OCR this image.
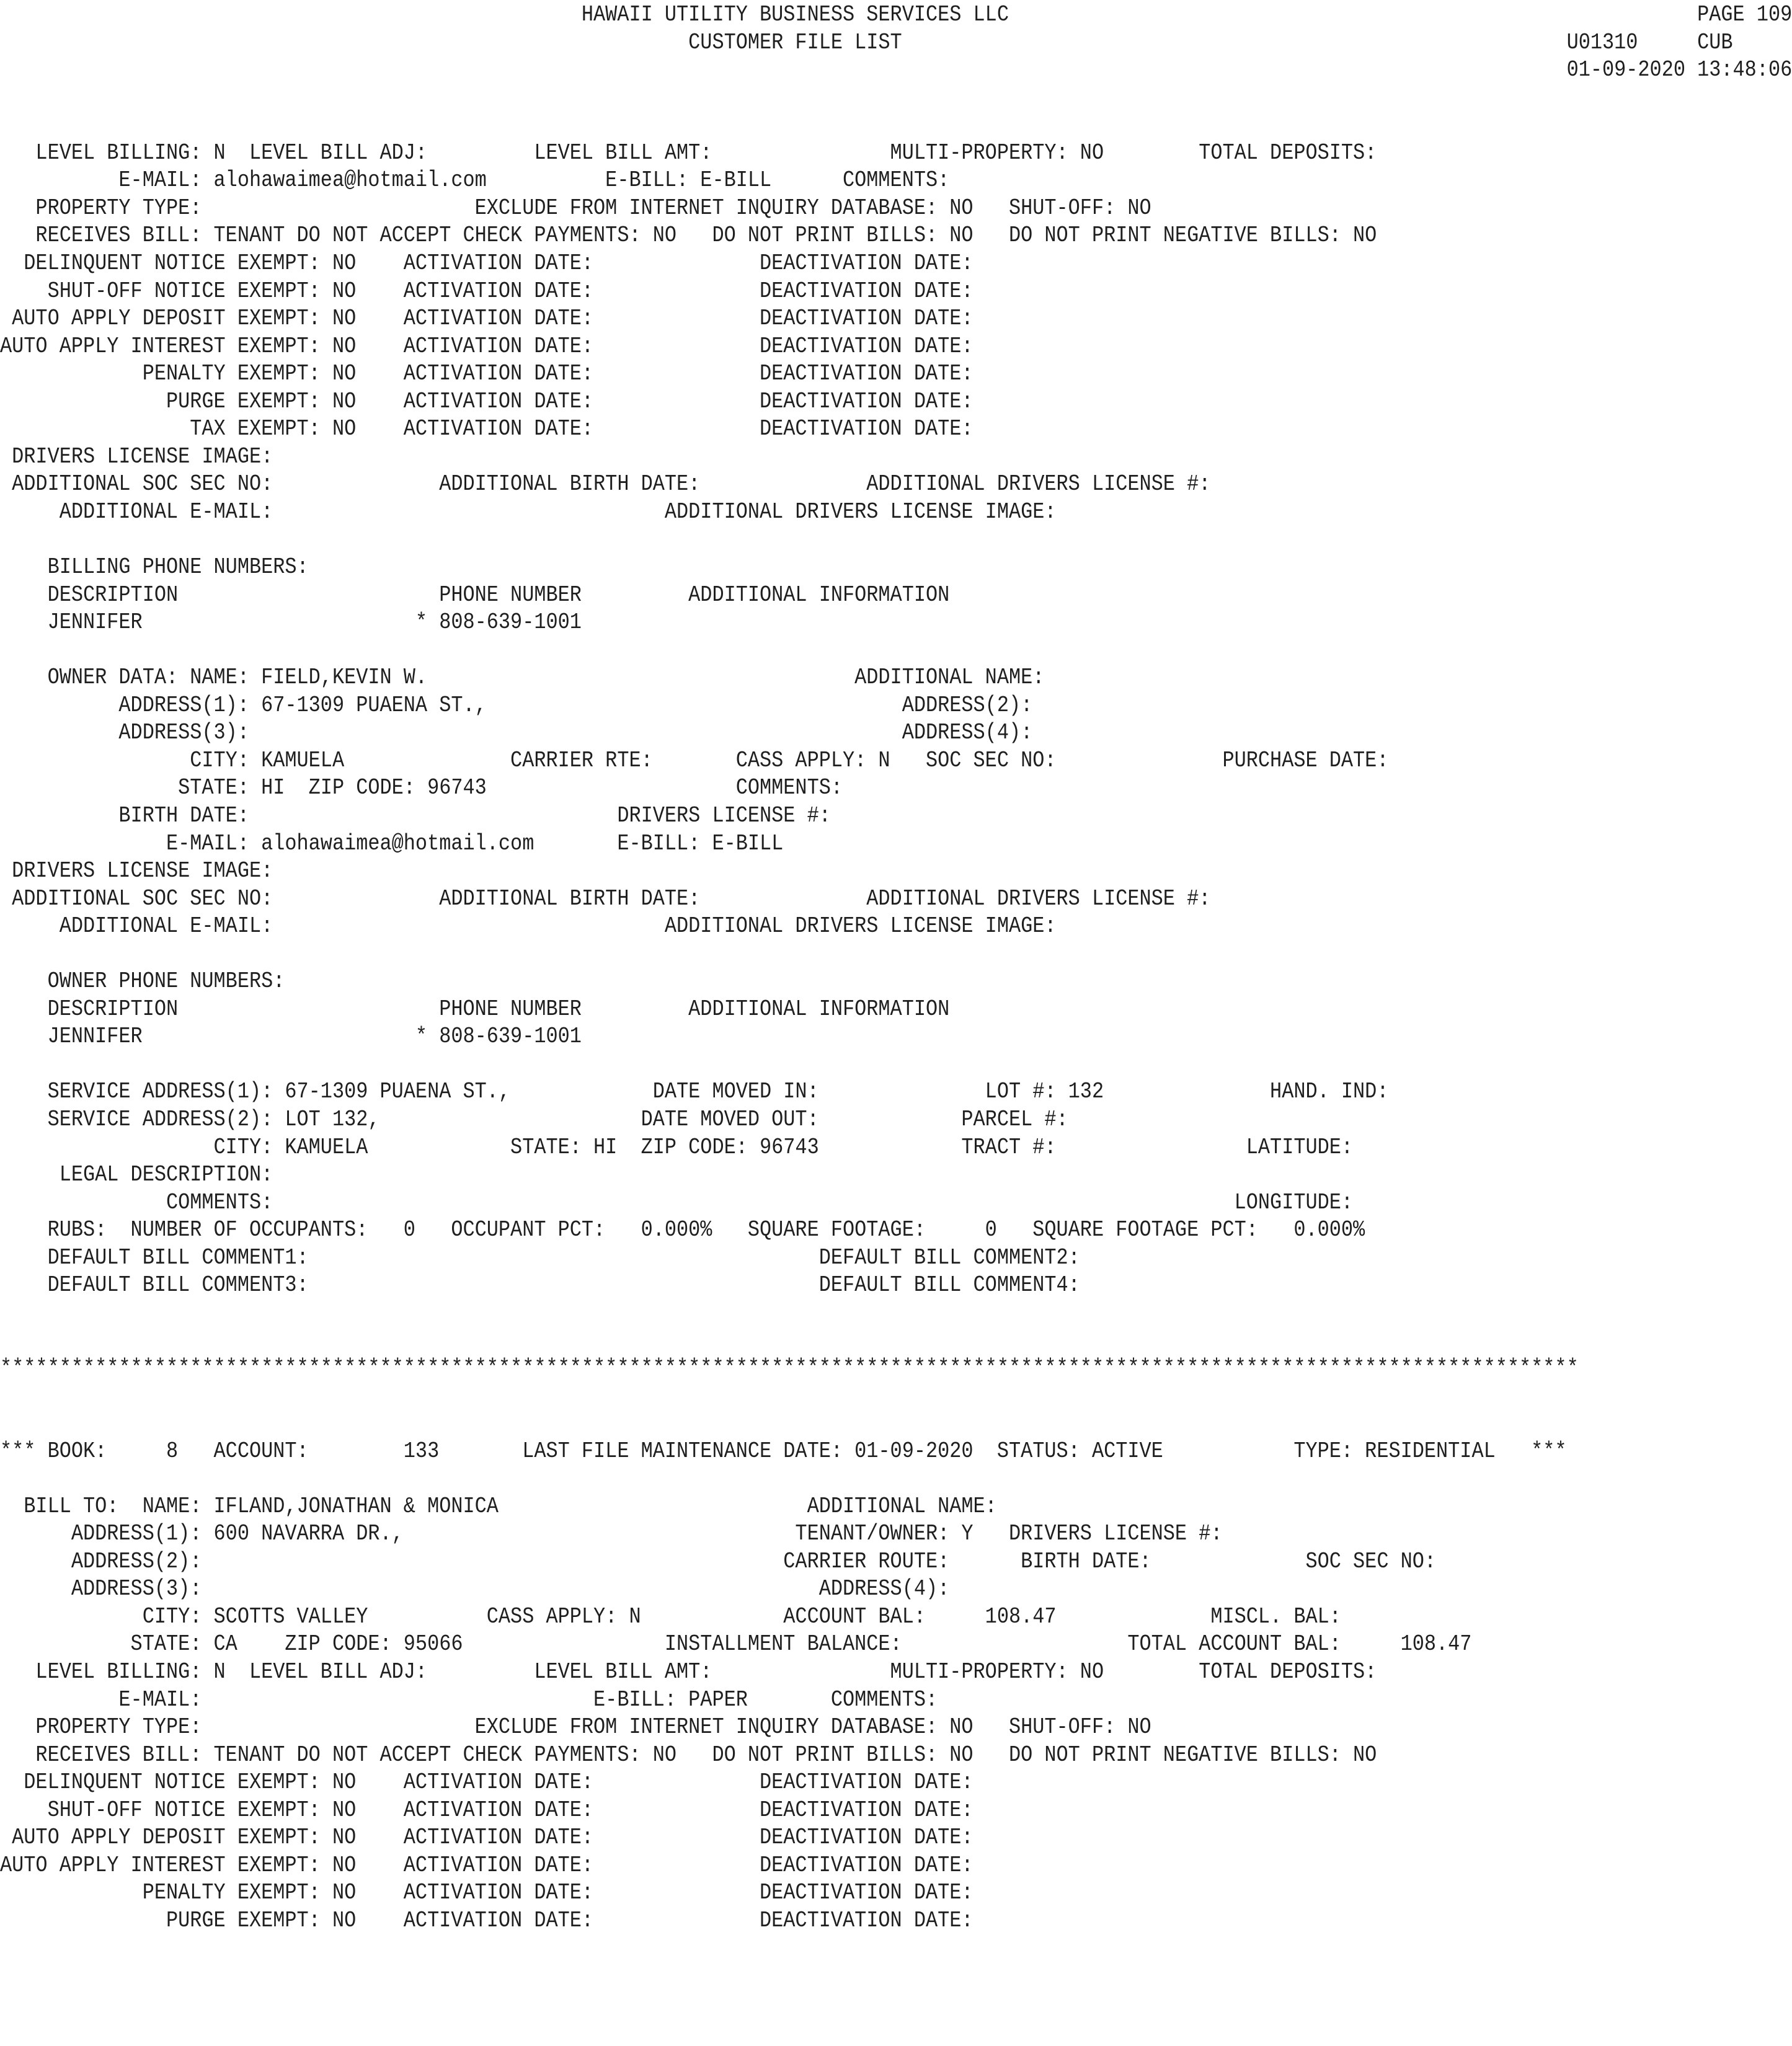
HAWAII UTILITY BUSINESS SERVICES LLC                                                          PAGE 109
CUSTOMER FILE LIST                                                        U01310     CUB
01-09-2020 13:48:06
LEVEL BILLING: N  LEVEL BILL ADJ:         LEVEL BILL AMT:               MULTI-PROPERTY: NO        TOTAL DEPOSITS:
E-MAIL: alohawaimea@hotmail.com          E-BILL: E-BILL      COMMENTS:
PROPERTY TYPE:                       EXCLUDE FROM INTERNET INQUIRY DATABASE: NO   SHUT-OFF: NO
RECEIVES BILL: TENANT DO NOT ACCEPT CHECK PAYMENTS: NO   DO NOT PRINT BILLS: NO   DO NOT PRINT NEGATIVE BILLS: NO
DELINQUENT NOTICE EXEMPT: NO    ACTIVATION DATE:              DEACTIVATION DATE:
SHUT-OFF NOTICE EXEMPT: NO    ACTIVATION DATE:              DEACTIVATION DATE:
AUTO APPLY DEPOSIT EXEMPT: NO    ACTIVATION DATE:              DEACTIVATION DATE:
AUTO APPLY INTEREST EXEMPT: NO    ACTIVATION DATE:              DEACTIVATION DATE:
PENALTY EXEMPT: NO    ACTIVATION DATE:              DEACTIVATION DATE:
PURGE EXEMPT: NO    ACTIVATION DATE:              DEACTIVATION DATE:
TAX EXEMPT: NO    ACTIVATION DATE:              DEACTIVATION DATE:
DRIVERS LICENSE IMAGE:
ADDITIONAL SOC SEC NO:              ADDITIONAL BIRTH DATE:              ADDITIONAL DRIVERS LICENSE #:
ADDITIONAL E-MAIL:                                 ADDITIONAL DRIVERS LICENSE IMAGE:
BILLING PHONE NUMBERS:
DESCRIPTION                      PHONE NUMBER         ADDITIONAL INFORMATION
JENNIFER                       * 808-639-1001
OWNER DATA: NAME: FIELD,KEVIN W.                                    ADDITIONAL NAME:
ADDRESS(1): 67-1309 PUAENA ST.,                                   ADDRESS(2):
ADDRESS(3):                                                       ADDRESS(4):
CITY: KAMUELA              CARRIER RTE:       CASS APPLY: N   SOC SEC NO:              PURCHASE DATE:
STATE: HI  ZIP CODE: 96743                     COMMENTS:
BIRTH DATE:                               DRIVERS LICENSE #:
E-MAIL: alohawaimea@hotmail.com       E-BILL: E-BILL
DRIVERS LICENSE IMAGE:
ADDITIONAL SOC SEC NO:              ADDITIONAL BIRTH DATE:              ADDITIONAL DRIVERS LICENSE #:
ADDITIONAL E-MAIL:                                 ADDITIONAL DRIVERS LICENSE IMAGE:
OWNER PHONE NUMBERS:
DESCRIPTION                      PHONE NUMBER         ADDITIONAL INFORMATION
JENNIFER                       * 808-639-1001
SERVICE ADDRESS(1): 67-1309 PUAENA ST.,            DATE MOVED IN:              LOT #: 132              HAND. IND:
SERVICE ADDRESS(2): LOT 132,                      DATE MOVED OUT:            PARCEL #:
CITY: KAMUELA            STATE: HI  ZIP CODE: 96743            TRACT #:                LATITUDE:
LEGAL DESCRIPTION:
COMMENTS:                                                                                 LONGITUDE:
RUBS:  NUMBER OF OCCUPANTS:   0   OCCUPANT PCT:   0.000%   SQUARE FOOTAGE:     0   SQUARE FOOTAGE PCT:   0.000%
DEFAULT BILL COMMENT1:                                           DEFAULT BILL COMMENT2:
DEFAULT BILL COMMENT3:                                           DEFAULT BILL COMMENT4:
*************************************************************************************************************************************
*** BOOK:     8   ACCOUNT:        133       LAST FILE MAINTENANCE DATE: 01-09-2020  STATUS: ACTIVE           TYPE: RESIDENTIAL   ***
BILL TO:  NAME: IFLAND,JONATHAN & MONICA                          ADDITIONAL NAME:
ADDRESS(1): 600 NAVARRA DR.,                                 TENANT/OWNER: Y   DRIVERS LICENSE #:
ADDRESS(2):                                                 CARRIER ROUTE:      BIRTH DATE:             SOC SEC NO:
ADDRESS(3):                                                    ADDRESS(4):
CITY: SCOTTS VALLEY          CASS APPLY: N            ACCOUNT BAL:     108.47             MISCL. BAL:
STATE: CA    ZIP CODE: 95066                 INSTALLMENT BALANCE:                   TOTAL ACCOUNT BAL:     108.47
LEVEL BILLING: N  LEVEL BILL ADJ:         LEVEL BILL AMT:               MULTI-PROPERTY: NO        TOTAL DEPOSITS:
E-MAIL:                                 E-BILL: PAPER       COMMENTS:
PROPERTY TYPE:                       EXCLUDE FROM INTERNET INQUIRY DATABASE: NO   SHUT-OFF: NO
RECEIVES BILL: TENANT DO NOT ACCEPT CHECK PAYMENTS: NO   DO NOT PRINT BILLS: NO   DO NOT PRINT NEGATIVE BILLS: NO
DELINQUENT NOTICE EXEMPT: NO    ACTIVATION DATE:              DEACTIVATION DATE:
SHUT-OFF NOTICE EXEMPT: NO    ACTIVATION DATE:              DEACTIVATION DATE:
AUTO APPLY DEPOSIT EXEMPT: NO    ACTIVATION DATE:              DEACTIVATION DATE:
AUTO APPLY INTEREST EXEMPT: NO    ACTIVATION DATE:              DEACTIVATION DATE:
PENALTY EXEMPT: NO    ACTIVATION DATE:              DEACTIVATION DATE:
PURGE EXEMPT: NO    ACTIVATION DATE:              DEACTIVATION DATE:
